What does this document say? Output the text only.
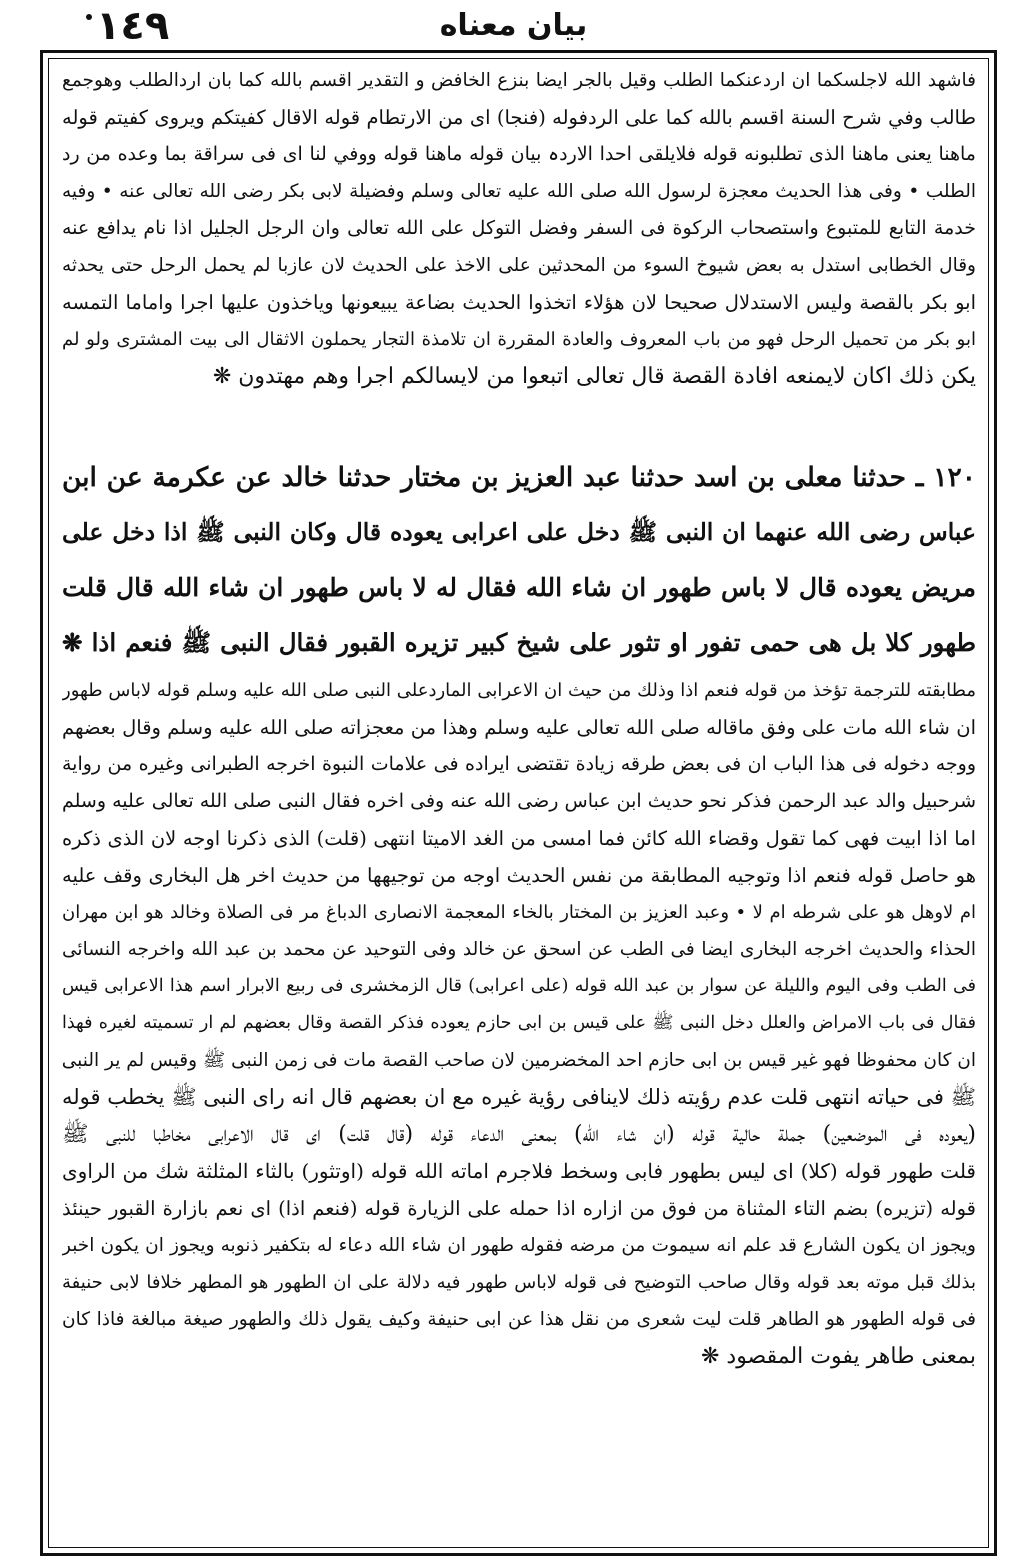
١٤٩	بيان معناه
فاشهد الله لاجلسكما ان اردعنكما الطلب وقيل بالجر ايضا بنزع الخافض و التقدير اقسم بالله كما بان اردالطلب وهوجمع
طالب وفي شرح السنة اقسم بالله كما على الردفوله (فنجا) اى من الارتطام قوله الاقال كفيتكم ويروى كفيتم قوله
ماهنا يعنى ماهنا الذى تطلبونه قوله فلايلقى احدا الاردہ بيان قوله ماهنا قوله ووفي لنا اى فى سراقة بما وعده من رد
الطلب • وفى هذا الحديث معجزة لرسول الله صلى الله عليه تعالى وسلم وفضيلة لابى بكر رضى الله تعالى عنه • وفيه
خدمة التابع للمتبوع واستصحاب الركوة فى السفر وفضل التوكل على الله تعالى وان الرجل الجليل اذا نام يدافع عنه
وقال الخطابى استدل به بعض شيوخ السوء من المحدثين على الاخذ على الحديث لان عازبا لم يحمل الرحل حتى يحدثه
ابو بكر بالقصة وليس الاستدلال صحيحا لان هؤلاء اتخذوا الحديث بضاعة يبيعونها وياخذون عليها اجرا واماما التمسه
ابو بكر من تحميل الرحل فهو من باب المعروف والعادة المقررة ان تلامذة التجار يحملون الاثقال الى بيت المشترى ولو لم
يكن ذلك اكان لايمنعه افادة القصة قال تعالى اتبعوا من لايسالكم اجرا وهم مهتدون ❋
١٢٠ ـ حدثنا معلى بن اسد حدثنا عبد العزيز بن مختار حدثنا خالد عن عكرمة عن ابن
عباس رضى الله عنهما ان النبى ﷺ دخل على اعرابى يعوده قال وكان النبى ﷺ اذا دخل على
مريض يعوده قال لا باس طهور ان شاء الله فقال له لا باس طهور ان شاء الله قال قلت
طهور كلا بل هى حمى تفور او تثور على شيخ كبير تزيره القبور فقال النبى ﷺ فنعم اذا ❋
مطابقته للترجمة تؤخذ من قوله فنعم اذا وذلك من حيث ان الاعرابى الماردعلى النبى صلى الله عليه وسلم قوله لاباس طهور
ان شاء الله مات على وفق ماقاله صلى الله تعالى عليه وسلم وهذا من معجزاته صلى الله عليه وسلم وقال بعضهم
ووجه دخوله فى هذا الباب ان فى بعض طرقه زيادة تقتضى ايراده فى علامات النبوة اخرجه الطبرانى وغيره من رواية
شرحبيل والد عبد الرحمن فذكر نحو حديث ابن عباس رضى الله عنه وفى اخره فقال النبى صلى الله تعالى عليه وسلم
اما اذا ابيت فهى كما تقول وقضاء الله كائن فما امسى من الغد الاميتا انتهى (قلت) الذى ذكرنا اوجه لان الذى ذكره
هو حاصل قوله فنعم اذا وتوجيه المطابقة من نفس الحديث اوجه من توجيهها من حديث اخر هل البخارى وقف عليه
ام لاوهل هو على شرطه ام لا • وعبد العزيز بن المختار بالخاء المعجمة الانصارى الدباغ مر فى الصلاة وخالد هو ابن مهران
الحذاء والحديث اخرجه البخارى ايضا فى الطب عن اسحق عن خالد وفى التوحيد عن محمد بن عبد الله واخرجه النسائى
فى الطب وفى اليوم والليلة عن سوار بن عبد الله قوله (على اعرابى) قال الزمخشرى فى ربيع الابرار اسم هذا الاعرابى قيس
فقال فى باب الامراض والعلل دخل النبى ﷺ على قيس بن ابى حازم يعوده فذكر القصة وقال بعضهم لم ار تسميته لغيره فهذا
ان كان محفوظا فهو غير قيس بن ابى حازم احد المخضرمين لان صاحب القصة مات فى زمن النبى ﷺ وقيس لم ير النبى
ﷺ فى حياته انتهى قلت عدم رؤيته ذلك لاينافى رؤية غيره مع ان بعضهم قال انه راى النبى ﷺ يخطب قوله
(يعوده فى الموضعين) جملة حالية قوله (ان شاء الله) بمعنى الدعاء قوله (قال قلت) اى قال الاعرابى مخاطبا للنبى ﷺ
قلت طهور قوله (كلا) اى ليس بطهور فابى وسخط فلاجرم اماته الله قوله (اوتثور) بالثاء المثلثة شك من الراوى
قوله (تزيره) بضم التاء المثناة من فوق من ازاره اذا حمله على الزيارة قوله (فنعم اذا) اى نعم بازارة القبور حينئذ
ويجوز ان يكون الشارع قد علم انه سيموت من مرضه فقوله طهور ان شاء الله دعاء له بتكفير ذنوبه ويجوز ان يكون اخبر
بذلك قبل موته بعد قوله وقال صاحب التوضيح فى قوله لاباس طهور فيه دلالة على ان الطهور هو المطهر خلافا لابى حنيفة
فى قوله الطهور هو الطاهر قلت ليت شعرى من نقل هذا عن ابى حنيفة وكيف يقول ذلك والطهور صيغة مبالغة فاذا كان
بمعنى طاهر يفوت المقصود ❋
